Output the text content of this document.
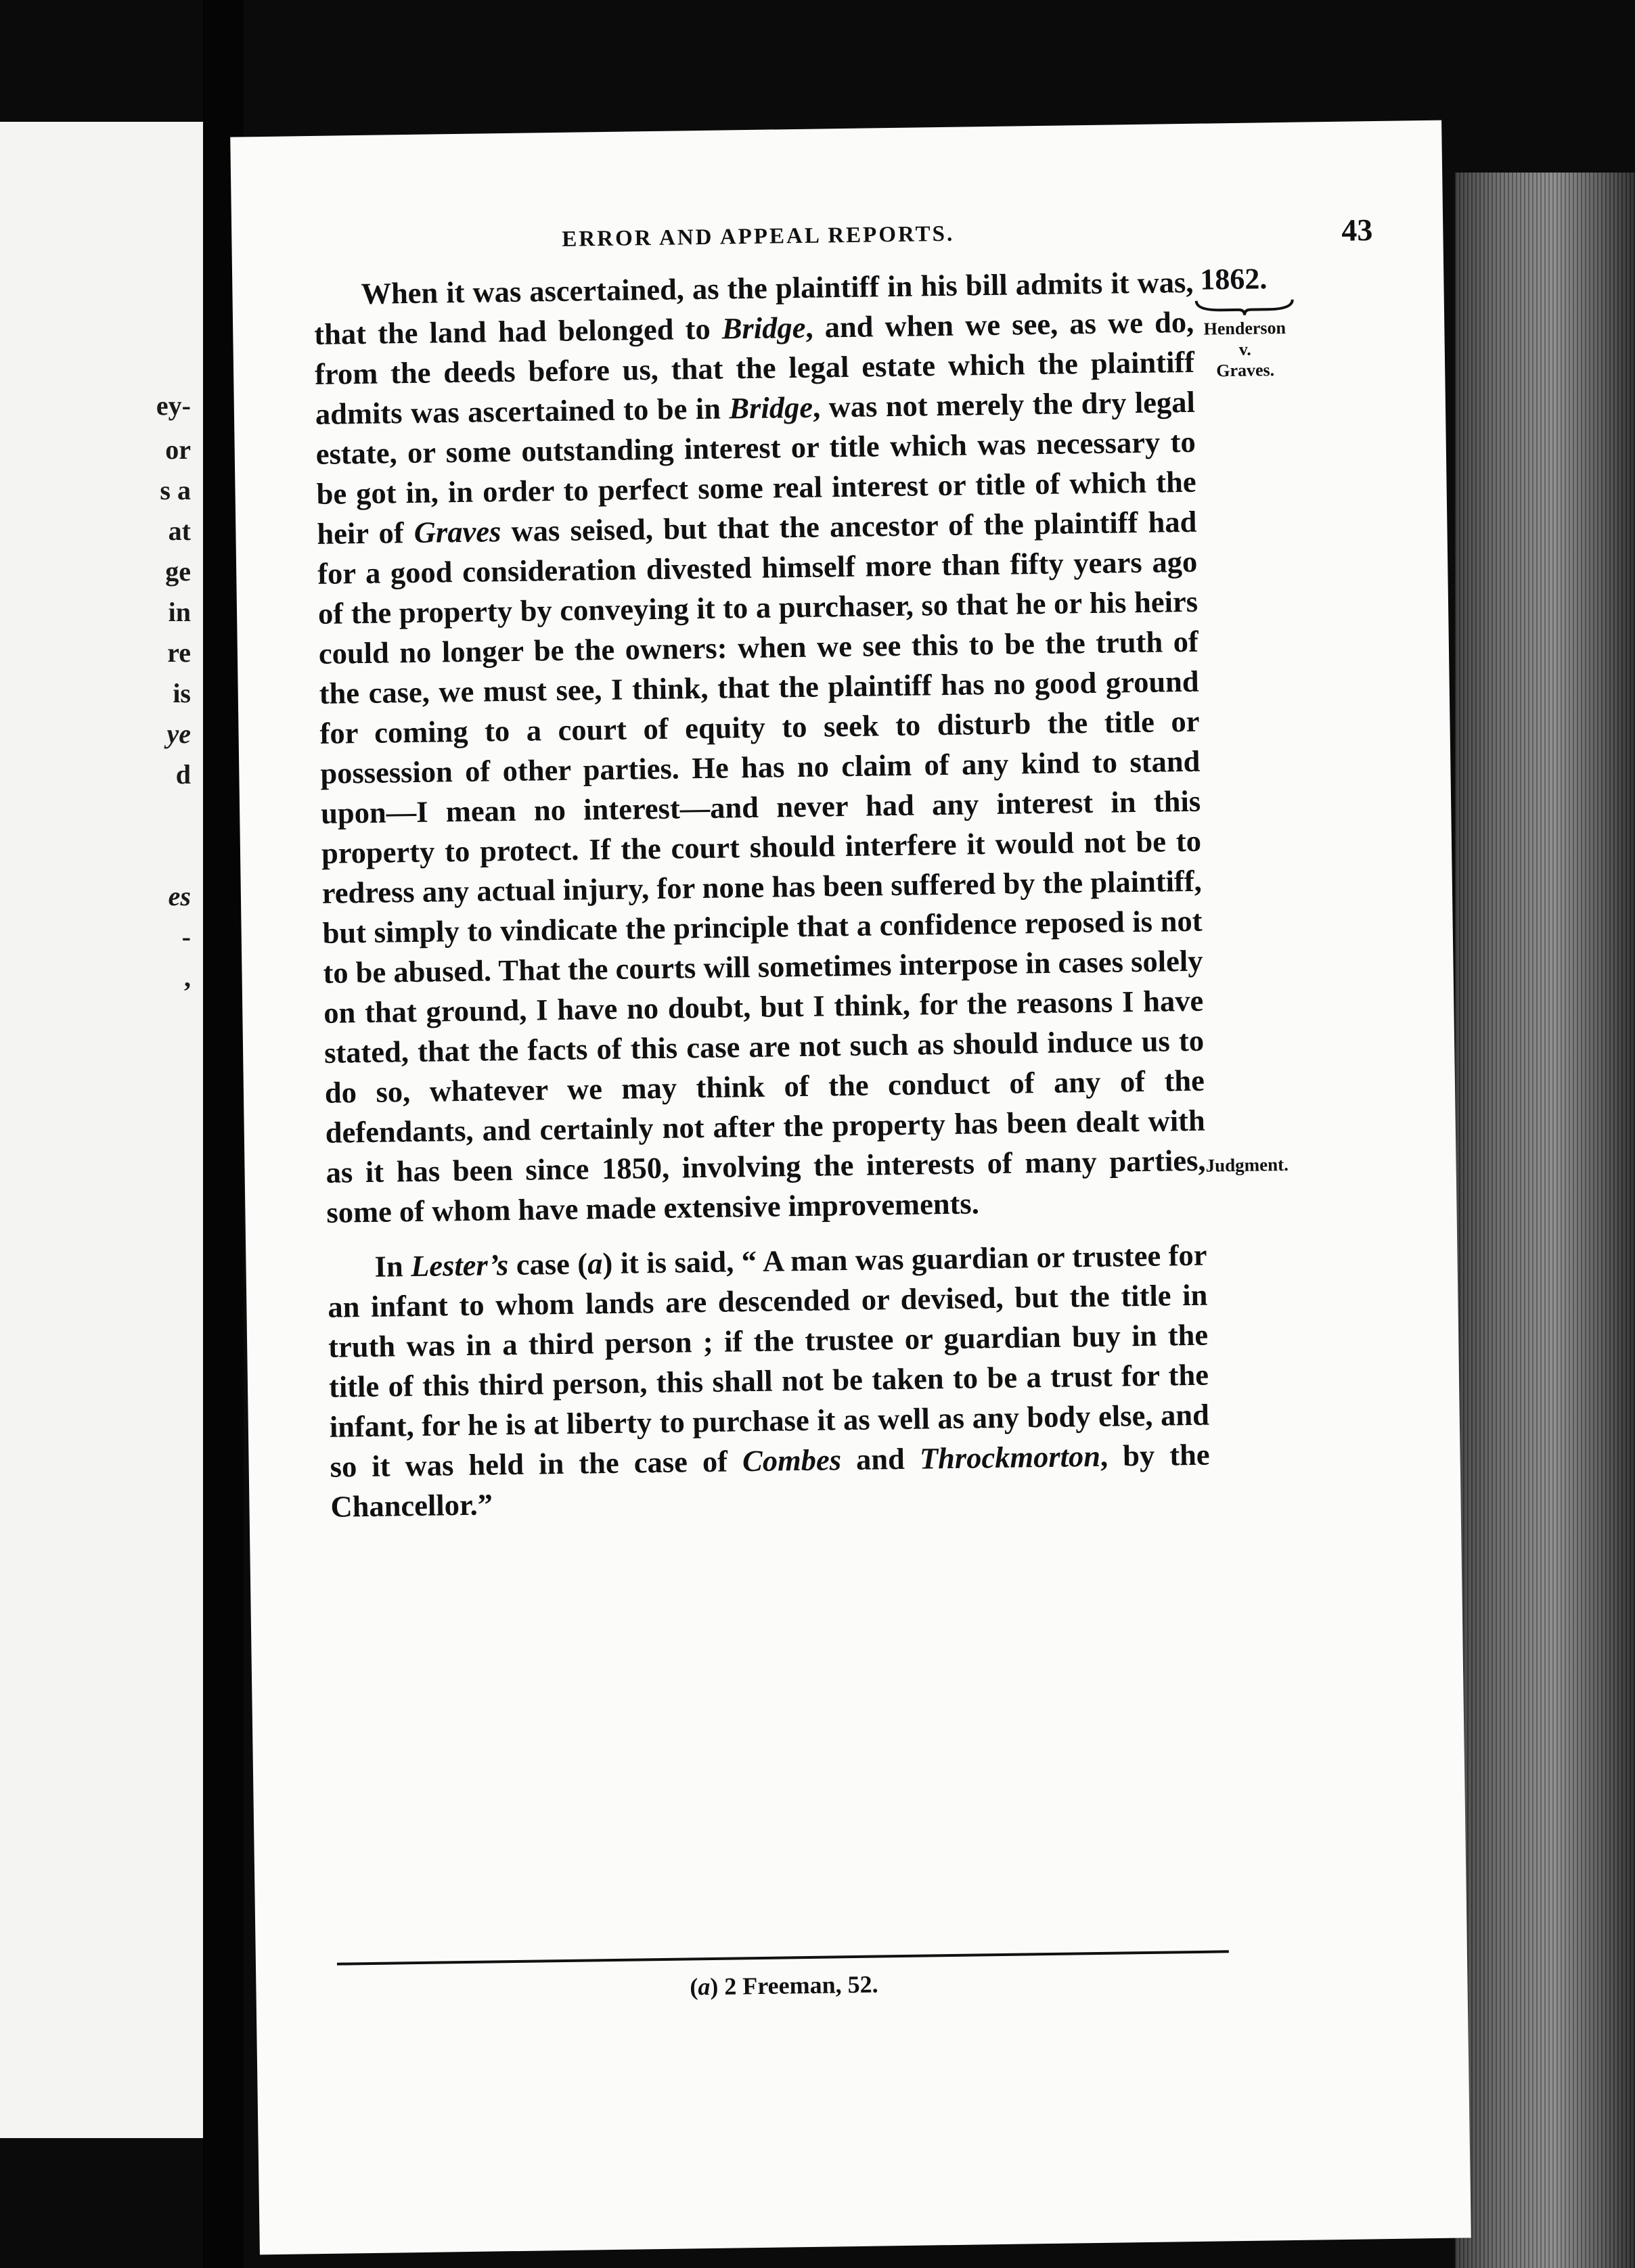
ey-
or
s a
at
ge
in
re
is
ye
d
es
-
,
ERROR AND APPEAL REPORTS.	43
1862.
Henderson
v.
Graves.
Judgment.

When it was ascertained, as the plaintiff in his bill admits it was, that the land had belonged to Bridge, and when we see, as we do, from the deeds before us, that the legal estate which the plaintiff admits was ascertained to be in Bridge, was not merely the dry legal estate, or some outstanding interest or title which was necessary to be got in, in order to perfect some real interest or title of which the heir of Graves was seised, but that the ancestor of the plaintiff had for a good consideration divested himself more than fifty years ago of the property by conveying it to a purchaser, so that he or his heirs could no longer be the owners: when we see this to be the truth of the case, we must see, I think, that the plaintiff has no good ground for coming to a court of equity to seek to disturb the title or possession of other parties. He has no claim of any kind to stand upon—I mean no interest—and never had any interest in this property to protect. If the court should interfere it would not be to redress any actual injury, for none has been suffered by the plaintiff, but simply to vindicate the principle that a confidence reposed is not to be abused. That the courts will sometimes interpose in cases solely on that ground, I have no doubt, but I think, for the reasons I have stated, that the facts of this case are not such as should induce us to do so, whatever we may think of the conduct of any of the defendants, and certainly not after the property has been dealt with as it has been since 1850, involving the interests of many parties, some of whom have made extensive improvements.

In Lester’s case (a) it is said, “ A man was guardian or trustee for an infant to whom lands are descended or devised, but the title in truth was in a third person ; if the trustee or guardian buy in the title of this third person, this shall not be taken to be a trust for the infant, for he is at liberty to purchase it as well as any body else, and so it was held in the case of Combes and Throckmorton, by the Chancellor.”

(a) 2 Freeman, 52.
